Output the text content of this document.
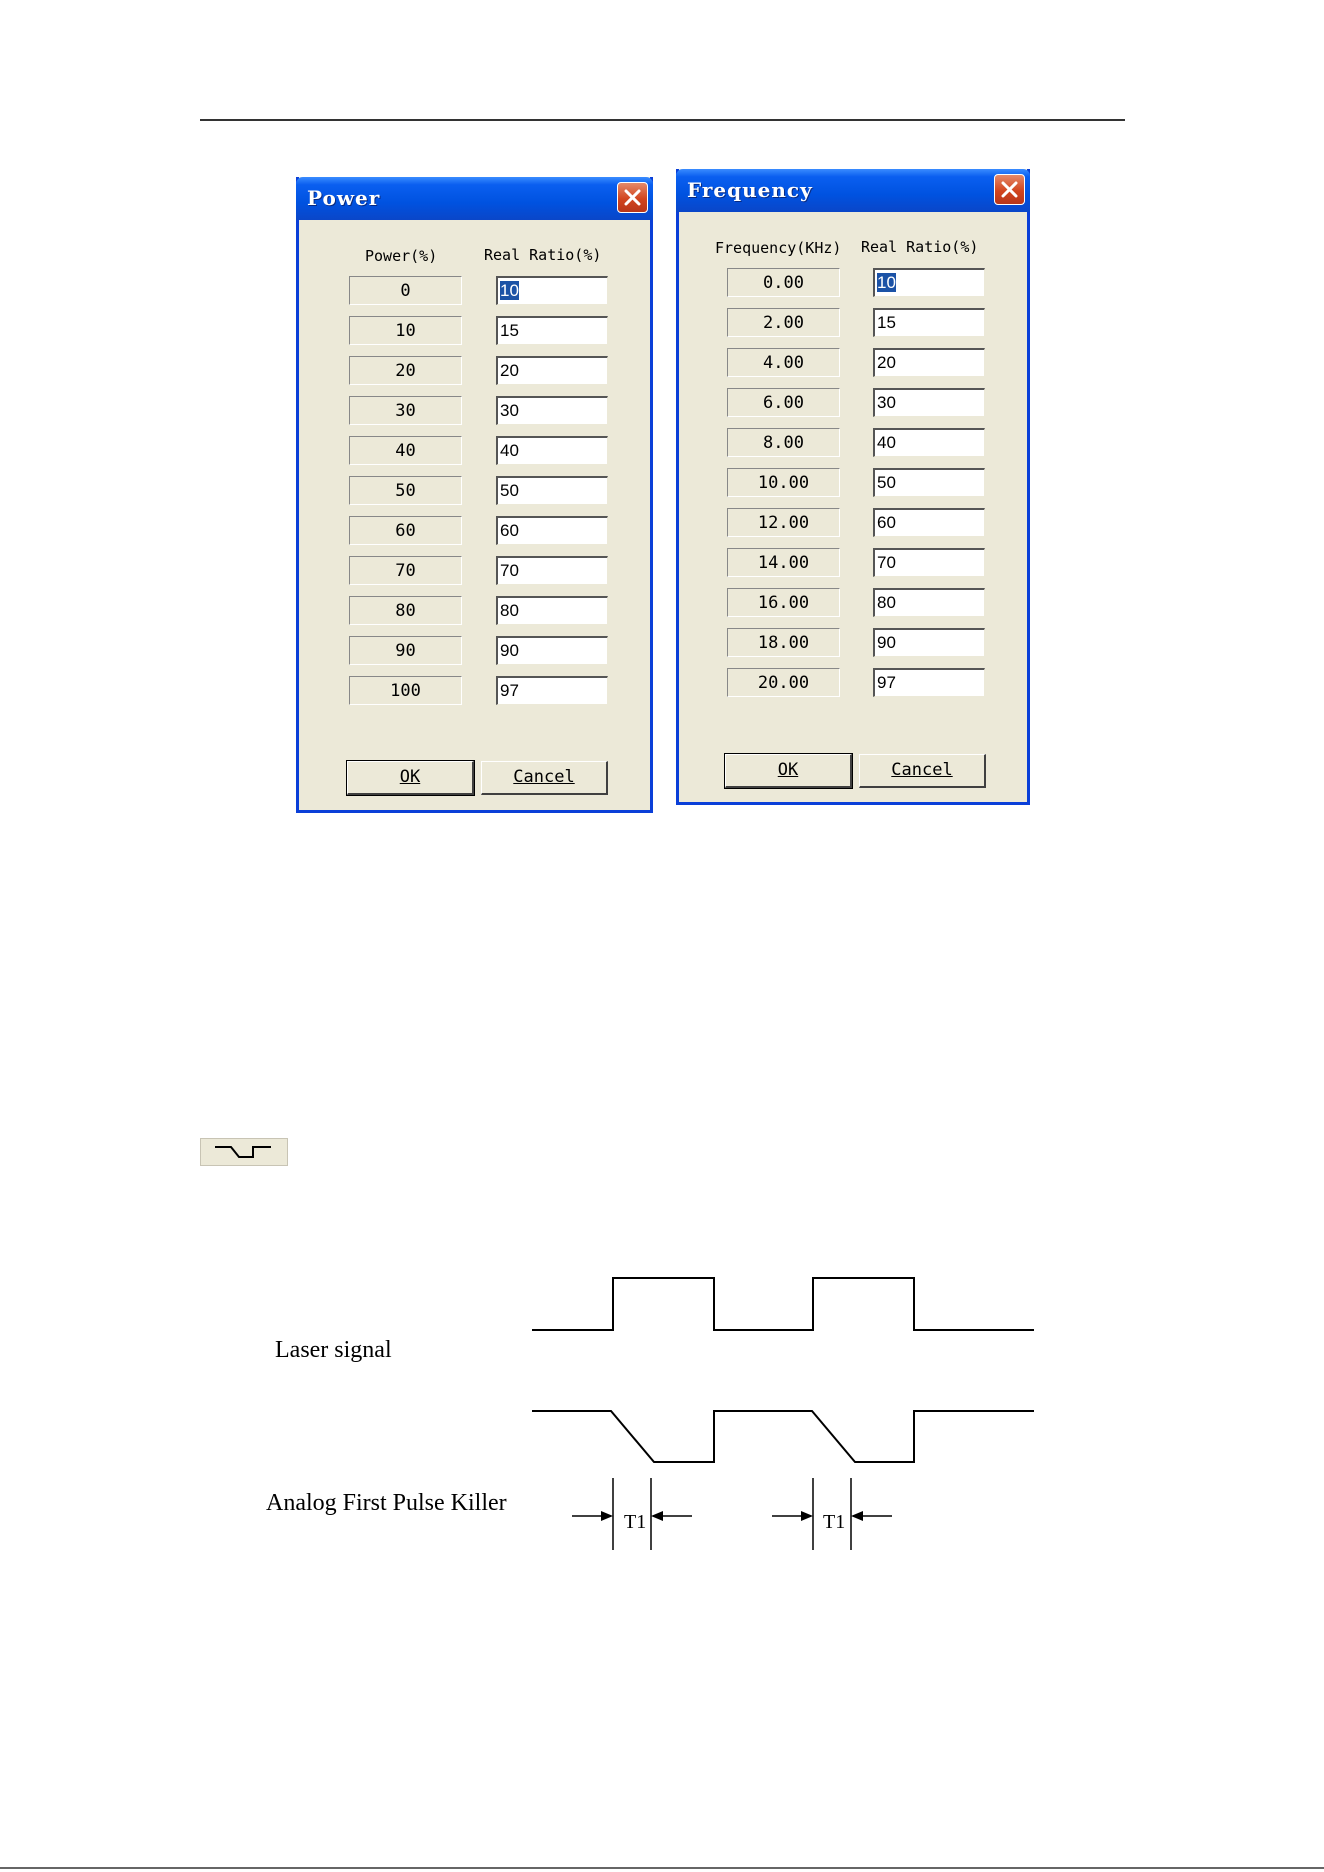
Power
Power(%)	Real Ratio(%)
0	10
10	15
20	20
30	30
40	40
50	50
60	60
70	70
80	80
90	90
100	97
OK	Cancel
Frequency
Frequency(KHz) Real Ratio(%)
0.00	10
2.00	15
4.00	20
6.00	30
8.00	40
10.00	50
12.00	60
14.00	70
16.00	80
18.00	90
20.00	97
OK	Cancel
Laser signal
Analog First Pulse Killer
T1	T1
